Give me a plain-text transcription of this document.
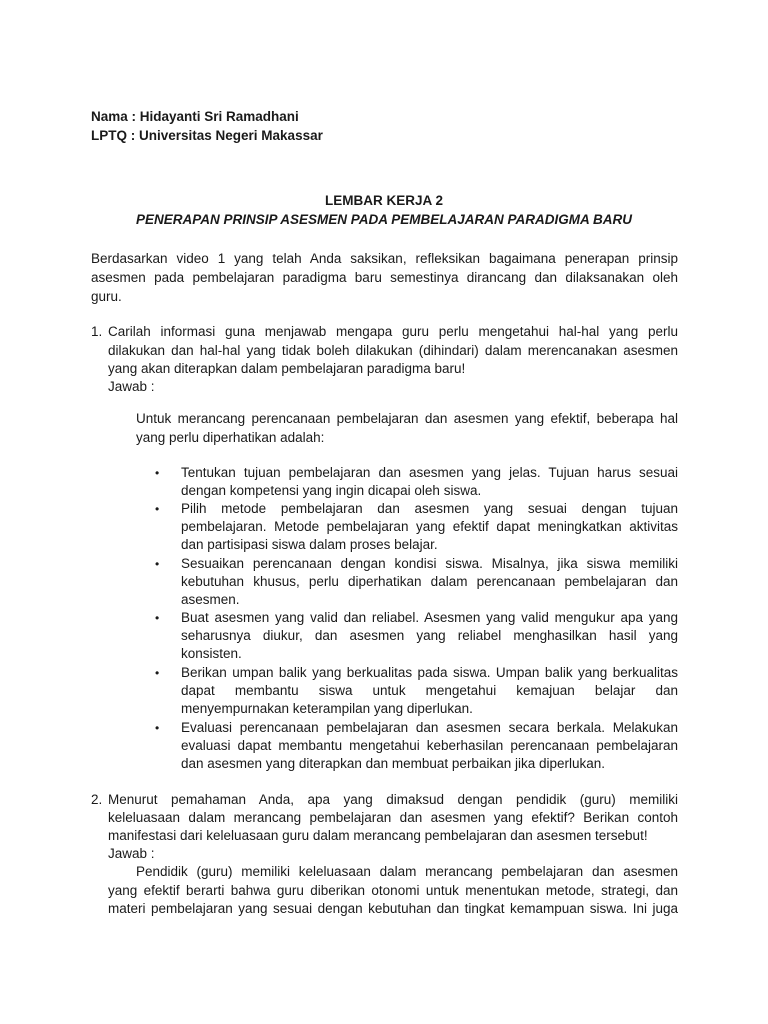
Nama : Hidayanti Sri Ramadhani
LPTQ : Universitas Negeri Makassar
LEMBAR KERJA 2
PENERAPAN PRINSIP ASESMEN PADA PEMBELAJARAN PARADIGMA BARU
Berdasarkan video 1 yang telah Anda saksikan, refleksikan bagaimana penerapan prinsip
asesmen pada pembelajaran paradigma baru semestinya dirancang dan dilaksanakan oleh
guru.
1. Carilah informasi guna menjawab mengapa guru perlu mengetahui hal-hal yang perlu
dilakukan dan hal-hal yang tidak boleh dilakukan (dihindari) dalam merencanakan asesmen
yang akan diterapkan dalam pembelajaran paradigma baru!
Jawab :
Untuk merancang perencanaan pembelajaran dan asesmen yang efektif, beberapa hal
yang perlu diperhatikan adalah:
• Tentukan tujuan pembelajaran dan asesmen yang jelas. Tujuan harus sesuai
dengan kompetensi yang ingin dicapai oleh siswa.
• Pilih metode pembelajaran dan asesmen yang sesuai dengan tujuan
pembelajaran. Metode pembelajaran yang efektif dapat meningkatkan aktivitas
dan partisipasi siswa dalam proses belajar.
• Sesuaikan perencanaan dengan kondisi siswa. Misalnya, jika siswa memiliki
kebutuhan khusus, perlu diperhatikan dalam perencanaan pembelajaran dan
asesmen.
• Buat asesmen yang valid dan reliabel. Asesmen yang valid mengukur apa yang
seharusnya diukur, dan asesmen yang reliabel menghasilkan hasil yang
konsisten.
• Berikan umpan balik yang berkualitas pada siswa. Umpan balik yang berkualitas
dapat membantu siswa untuk mengetahui kemajuan belajar dan
menyempurnakan keterampilan yang diperlukan.
• Evaluasi perencanaan pembelajaran dan asesmen secara berkala. Melakukan
evaluasi dapat membantu mengetahui keberhasilan perencanaan pembelajaran
dan asesmen yang diterapkan dan membuat perbaikan jika diperlukan.
2. Menurut pemahaman Anda, apa yang dimaksud dengan pendidik (guru) memiliki
keleluasaan dalam merancang pembelajaran dan asesmen yang efektif? Berikan contoh
manifestasi dari keleluasaan guru dalam merancang pembelajaran dan asesmen tersebut!
Jawab :
Pendidik (guru) memiliki keleluasaan dalam merancang pembelajaran dan asesmen
yang efektif berarti bahwa guru diberikan otonomi untuk menentukan metode, strategi, dan
materi pembelajaran yang sesuai dengan kebutuhan dan tingkat kemampuan siswa. Ini juga
